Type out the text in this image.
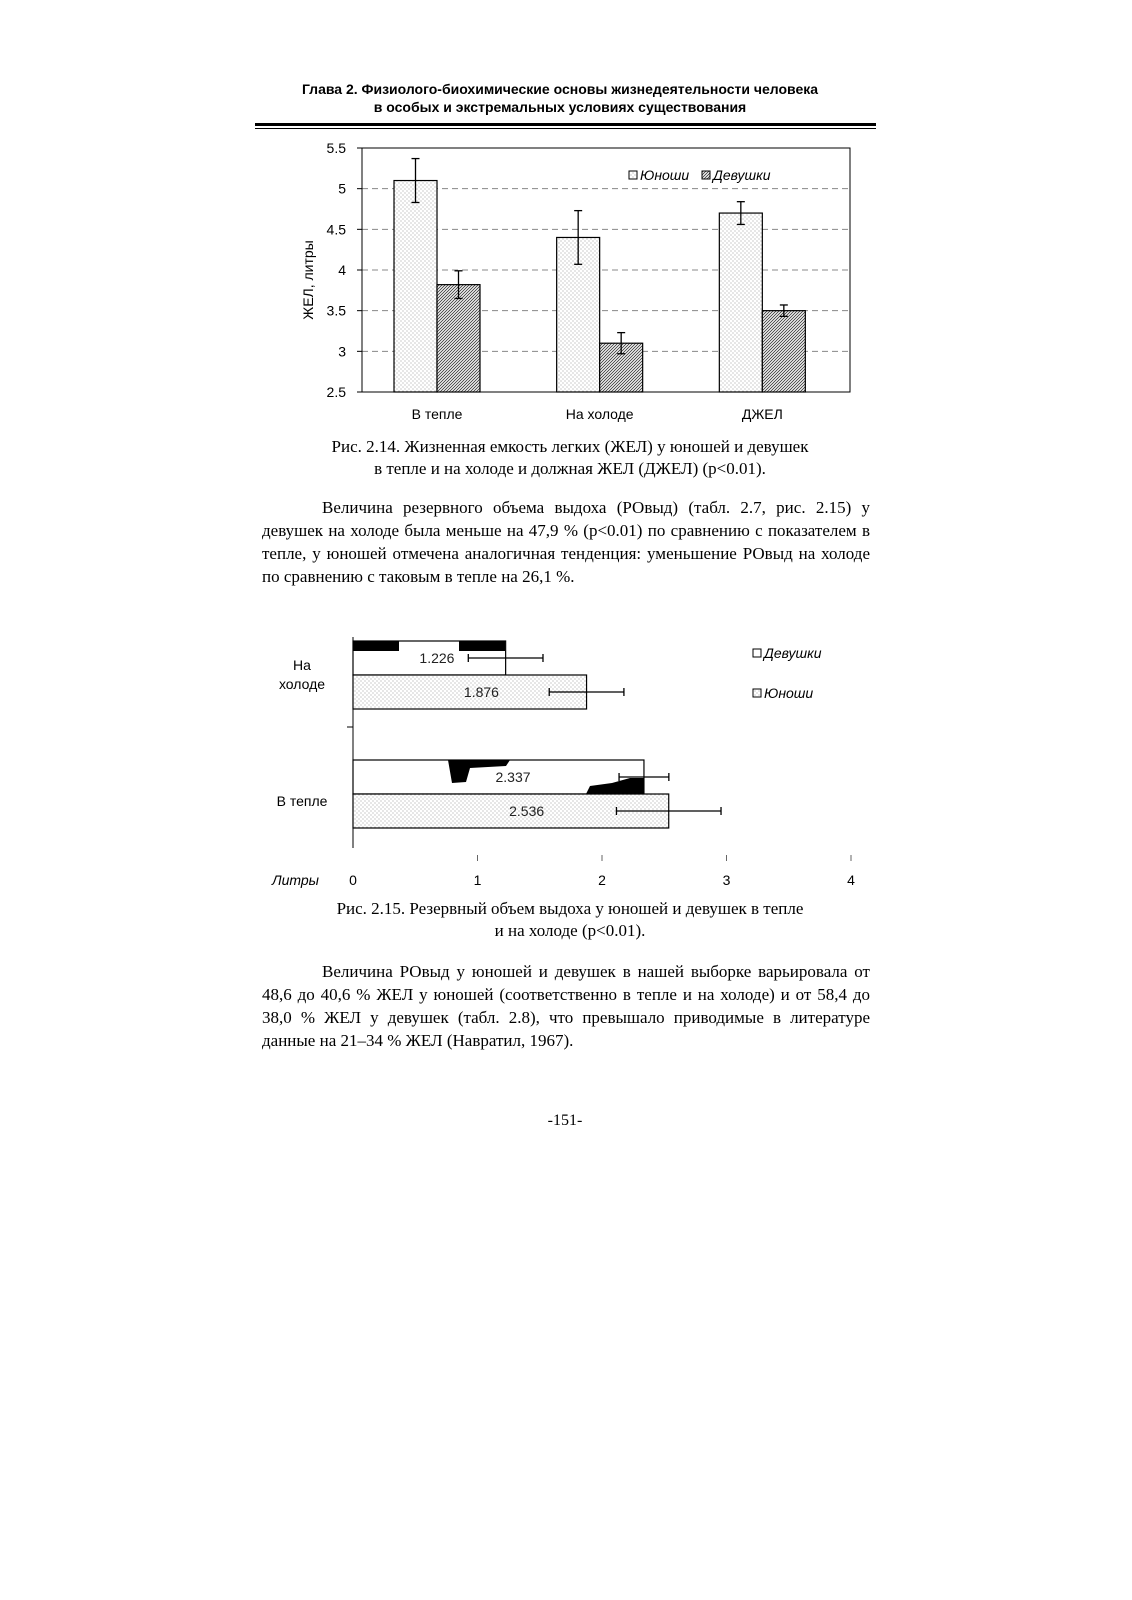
Глава 2. Физиолого-биохимические основы жизнедеятельности человека
в особых и экстремальных условиях существования
2.5
3
3.5
4
4.5
5
5.5
В тепле	На холоде	ДЖЕЛ
ЖЕЛ, литры
Юноши Девушки
Рис. 2.14. Жизненная емкость легких (ЖЕЛ) у юношей и девушек
в тепле и на холоде и должная ЖЕЛ (ДЖЕЛ) (p<0.01).
Величина резервного объема выдоха (РОвыд) (табл. 2.7, рис. 2.15) у девушек на холоде была меньше на 47,9 % (p<0.01) по сравнению с показателем в тепле, у юношей отмечена аналогичная тенденция: уменьшение РОвыд на холоде по сравнению с таковым в тепле на 26,1 %.
0	1	2	3	4
1.226
1.876
2.337
2.536
На
холоде
В тепле
Литры
Девушки
Юноши
Рис. 2.15. Резервный объем выдоха у юношей и девушек в тепле
и на холоде (p<0.01).
Величина РОвыд у юношей и девушек в нашей выборке варьировала от 48,6 до 40,6 % ЖЕЛ у юношей (соответственно в тепле и на холоде) и от 58,4 до 38,0 % ЖЕЛ у девушек (табл. 2.8), что превышало приводимые в литературе данные на 21–34 % ЖЕЛ (Навратил, 1967).
-151-
